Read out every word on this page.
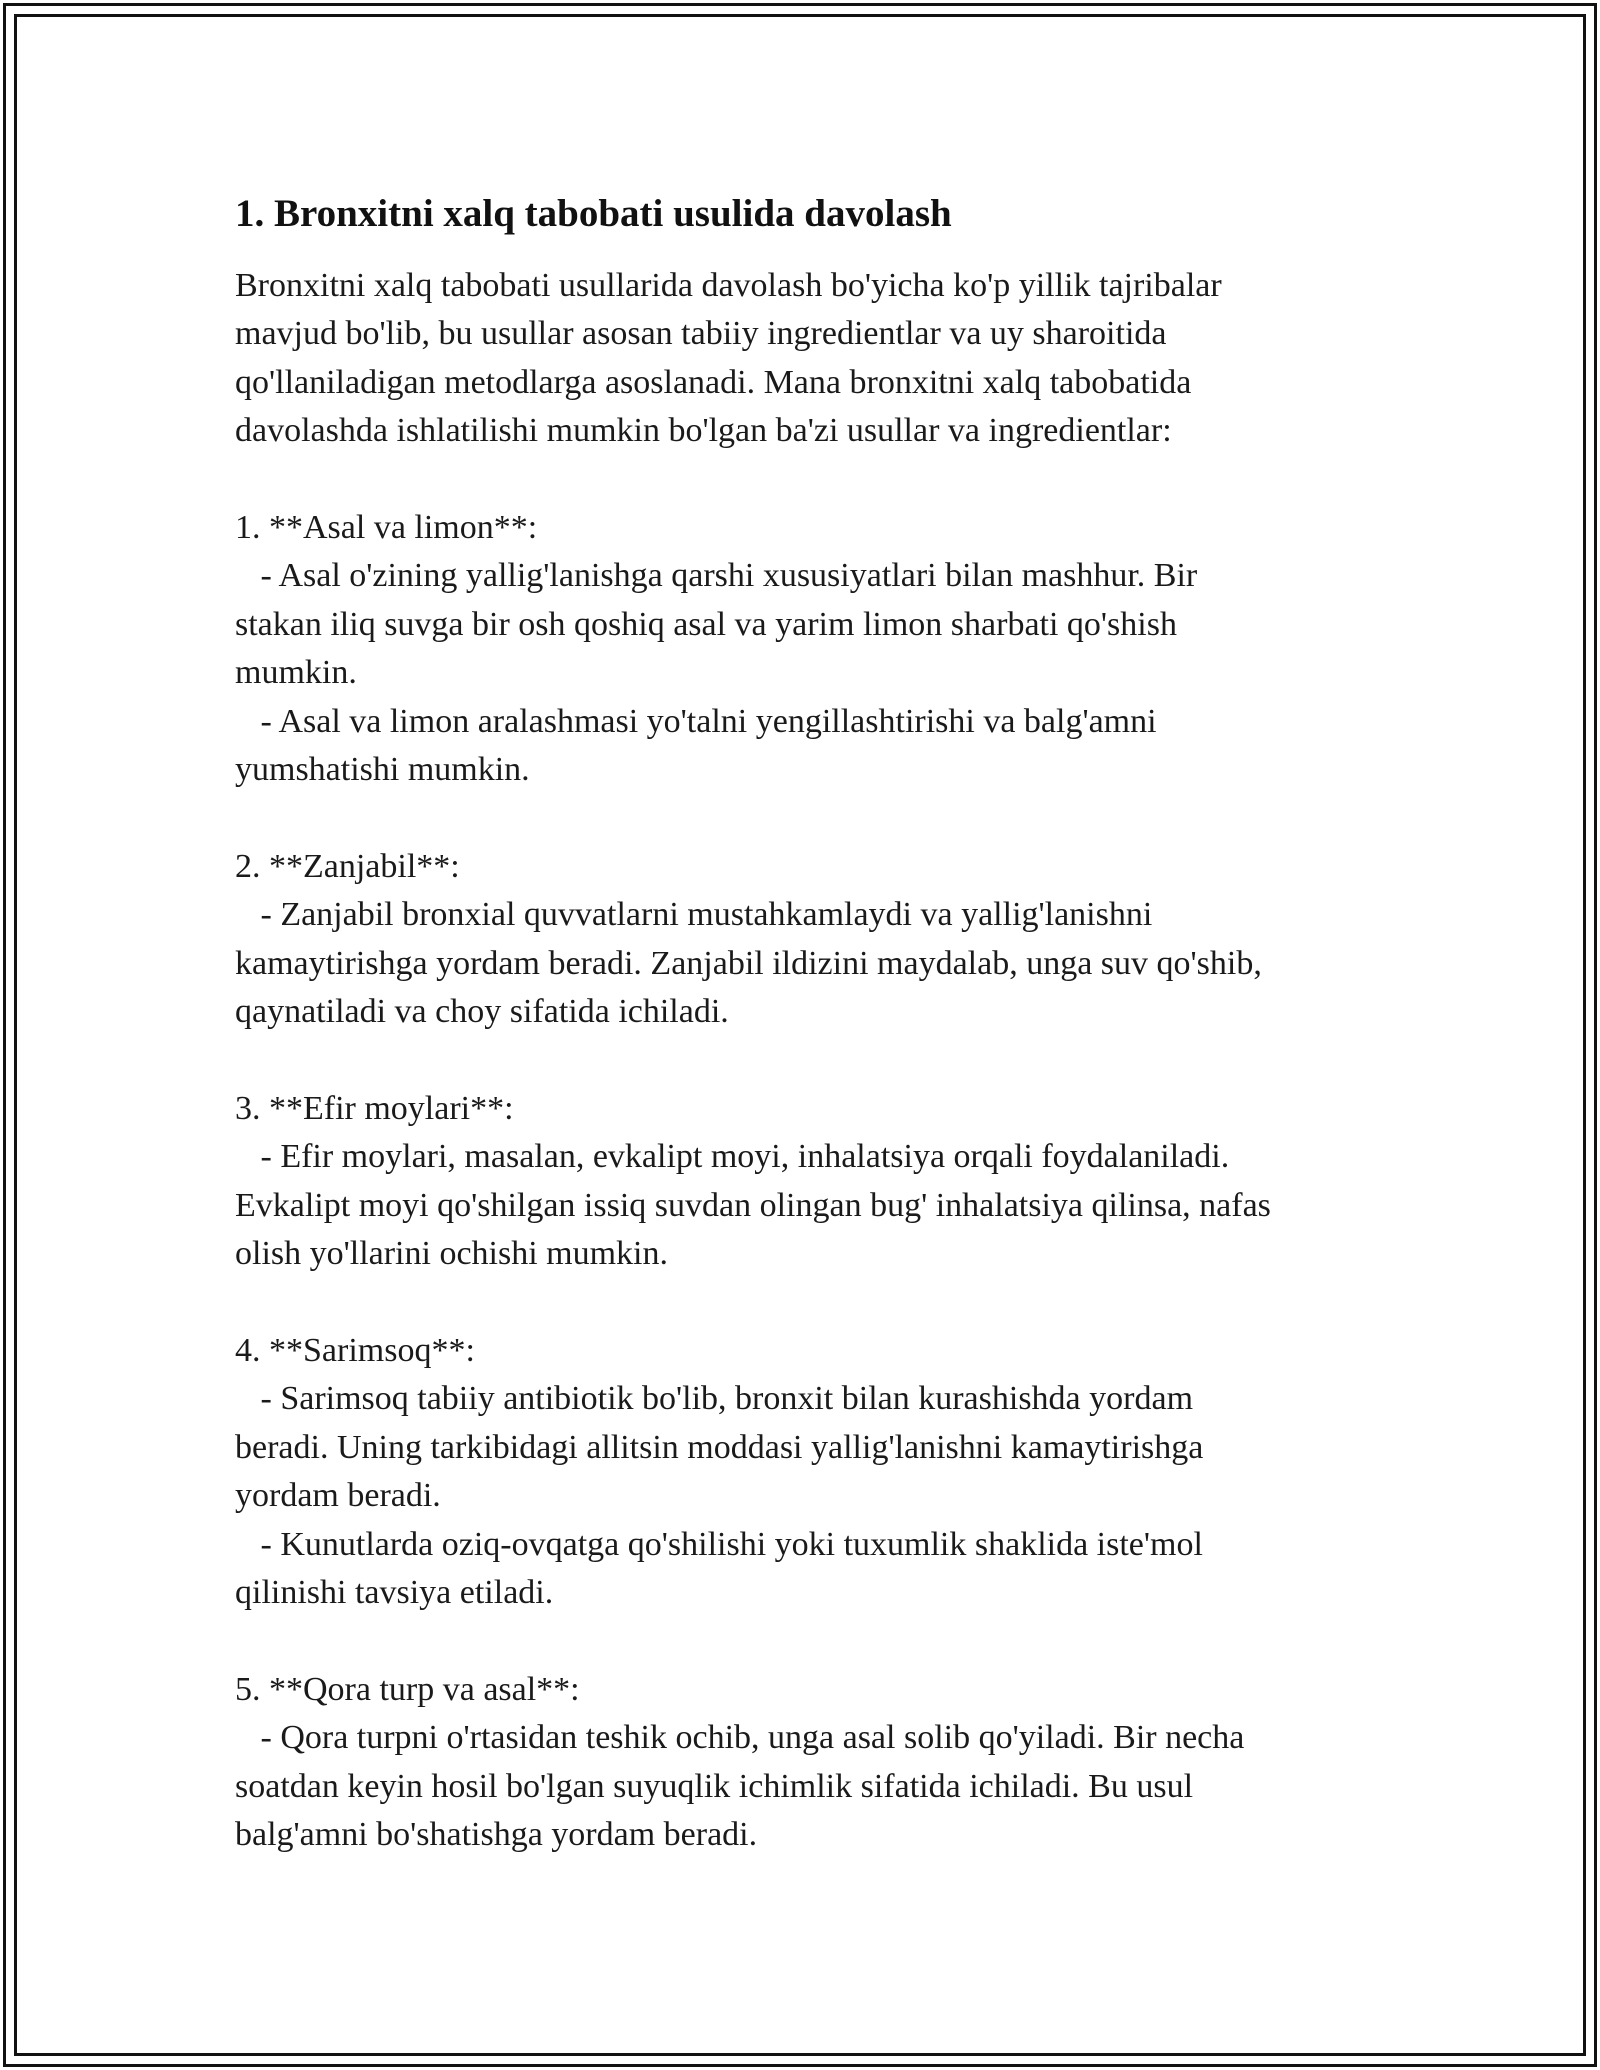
1. Bronxitni xalq tabobati usulida davolash

Bronxitni xalq tabobati usullarida davolash bo'yicha ko'p yillik tajribalar
mavjud bo'lib, bu usullar asosan tabiiy ingredientlar va uy sharoitida
qo'llaniladigan metodlarga asoslanadi. Mana bronxitni xalq tabobatida
davolashda ishlatilishi mumkin bo'lgan ba'zi usullar va ingredientlar:

1. **Asal va limon**:
- Asal o'zining yallig'lanishga qarshi xususiyatlari bilan mashhur. Bir
stakan iliq suvga bir osh qoshiq asal va yarim limon sharbati qo'shish
mumkin.
- Asal va limon aralashmasi yo'talni yengillashtirishi va balg'amni
yumshatishi mumkin.

2. **Zanjabil**:
- Zanjabil bronxial quvvatlarni mustahkamlaydi va yallig'lanishni
kamaytirishga yordam beradi. Zanjabil ildizini maydalab, unga suv qo'shib,
qaynatiladi va choy sifatida ichiladi.

3. **Efir moylari**:
- Efir moylari, masalan, evkalipt moyi, inhalatsiya orqali foydalaniladi.
Evkalipt moyi qo'shilgan issiq suvdan olingan bug' inhalatsiya qilinsa, nafas
olish yo'llarini ochishi mumkin.

4. **Sarimsoq**:
- Sarimsoq tabiiy antibiotik bo'lib, bronxit bilan kurashishda yordam
beradi. Uning tarkibidagi allitsin moddasi yallig'lanishni kamaytirishga
yordam beradi.
- Kunutlarda oziq-ovqatga qo'shilishi yoki tuxumlik shaklida iste'mol
qilinishi tavsiya etiladi.

5. **Qora turp va asal**:
- Qora turpni o'rtasidan teshik ochib, unga asal solib qo'yiladi. Bir necha
soatdan keyin hosil bo'lgan suyuqlik ichimlik sifatida ichiladi. Bu usul
balg'amni bo'shatishga yordam beradi.
